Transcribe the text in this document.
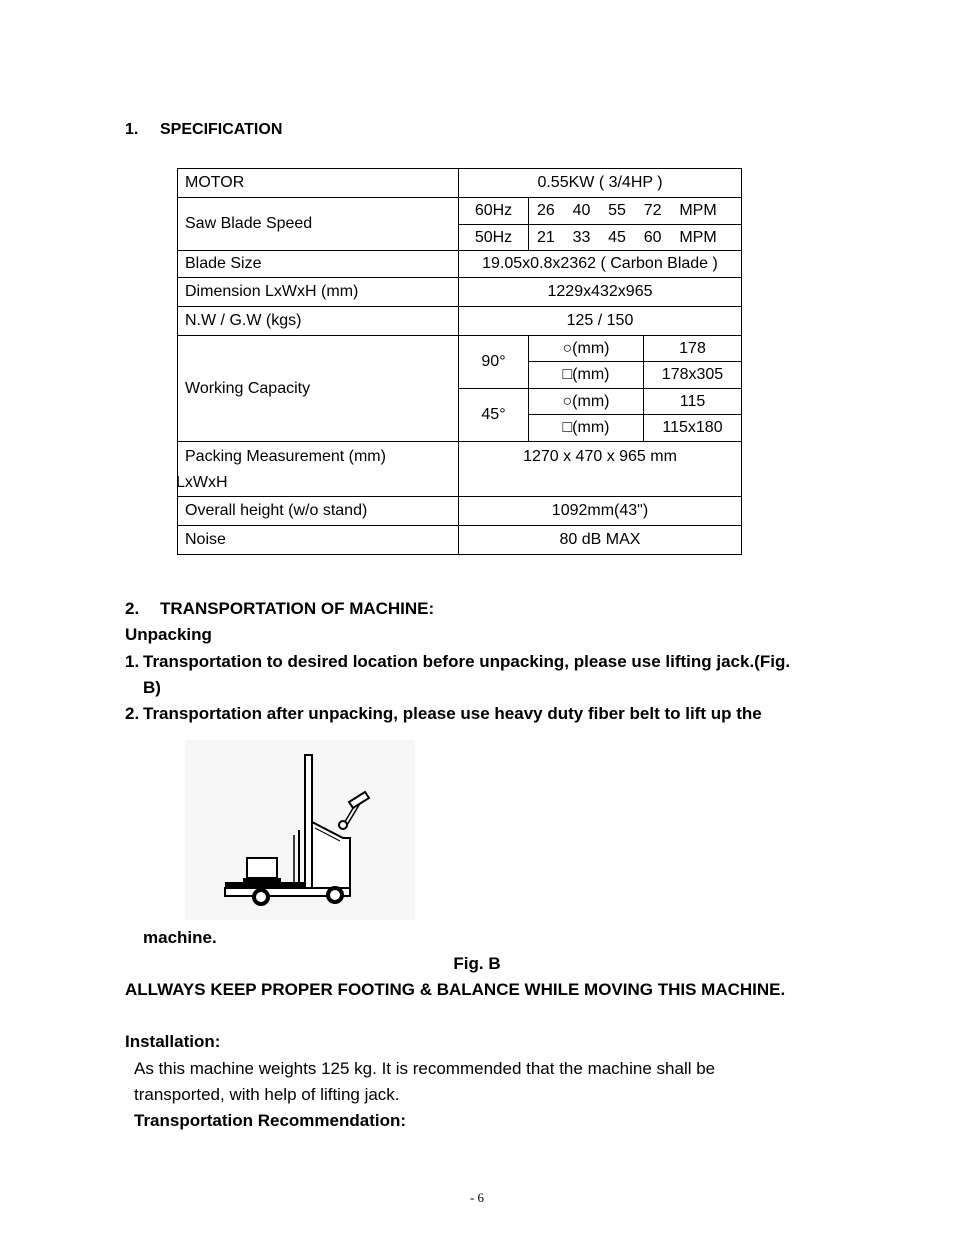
1. SPECIFICATION
MOTOR	0.55KW ( 3/4HP )		
Saw Blade Speed	60Hz	26    40    55    72    MPM	
	50Hz	21    33    45    60    MPM	
Blade Size	19.05x0.8x2362 ( Carbon Blade )		
Dimension LxWxH (mm)	1229x432x965		
N.W / G.W (kgs)	125 / 150		
Working Capacity	90°	○(mm)	178
		□(mm)	178x305
	45°	○(mm)	115
		□(mm)	115x180

Packing Measurement (mm)
LxWxH	1270 x 470 x 965 mm		
Overall height (w/o stand)	1092mm(43")		
Noise	80 dB MAX		
2. TRANSPORTATION OF MACHINE:
Unpacking
1. Transportation to desired location before unpacking, please use lifting jack.(Fig.
B)
2. Transportation after unpacking, please use heavy duty fiber belt to lift up the
machine.
Fig. B
ALLWAYS KEEP PROPER FOOTING & BALANCE WHILE MOVING THIS MACHINE.
Installation:
As this machine weights 125 kg. It is recommended that the machine shall be
transported, with help of lifting jack.
Transportation Recommendation:
- 6
